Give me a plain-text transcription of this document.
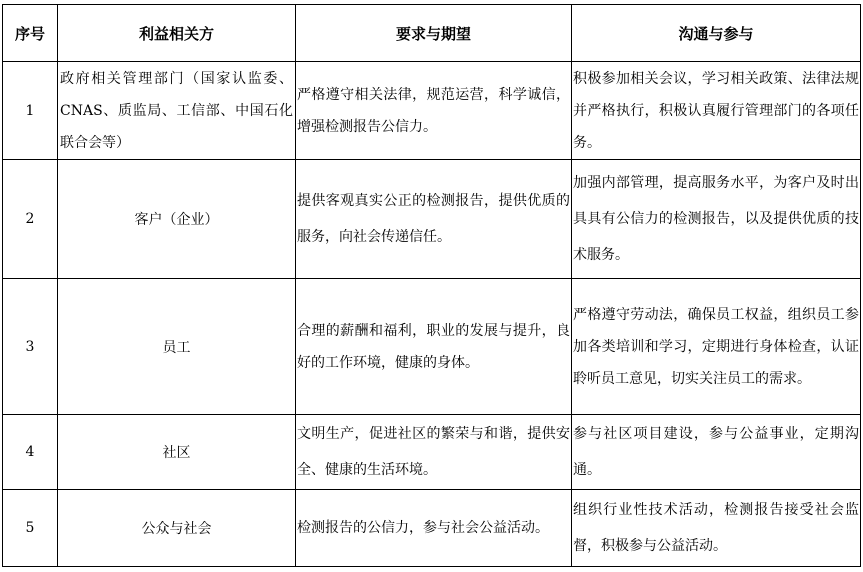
序号	利益相关方	要求与期望	沟通与参与
1	政府相关管理部门（国家认监委、CNAS、质监局、工信部、中国石化联合会等）	严格遵守相关法律，规范运营，科学诚信，增强检测报告公信力。	积极参加相关会议，学习相关政策、法律法规并严格执行，积极认真履行管理部门的各项任务。
2	客户（企业）	提供客观真实公正的检测报告，提供优质的服务，向社会传递信任。	加强内部管理，提高服务水平，为客户及时出具具有公信力的检测报告，以及提供优质的技术服务。
3	员工	合理的薪酬和福利，职业的发展与提升，良好的工作环境，健康的身体。	严格遵守劳动法，确保员工权益，组织员工参加各类培训和学习，定期进行身体检查，认证聆听员工意见，切实关注员工的需求。
4	社区	文明生产，促进社区的繁荣与和谐，提供安全、健康的生活环境。	参与社区项目建设，参与公益事业，定期沟通。
5	公众与社会	检测报告的公信力，参与社会公益活动。	组织行业性技术活动，检测报告接受社会监督，积极参与公益活动。
